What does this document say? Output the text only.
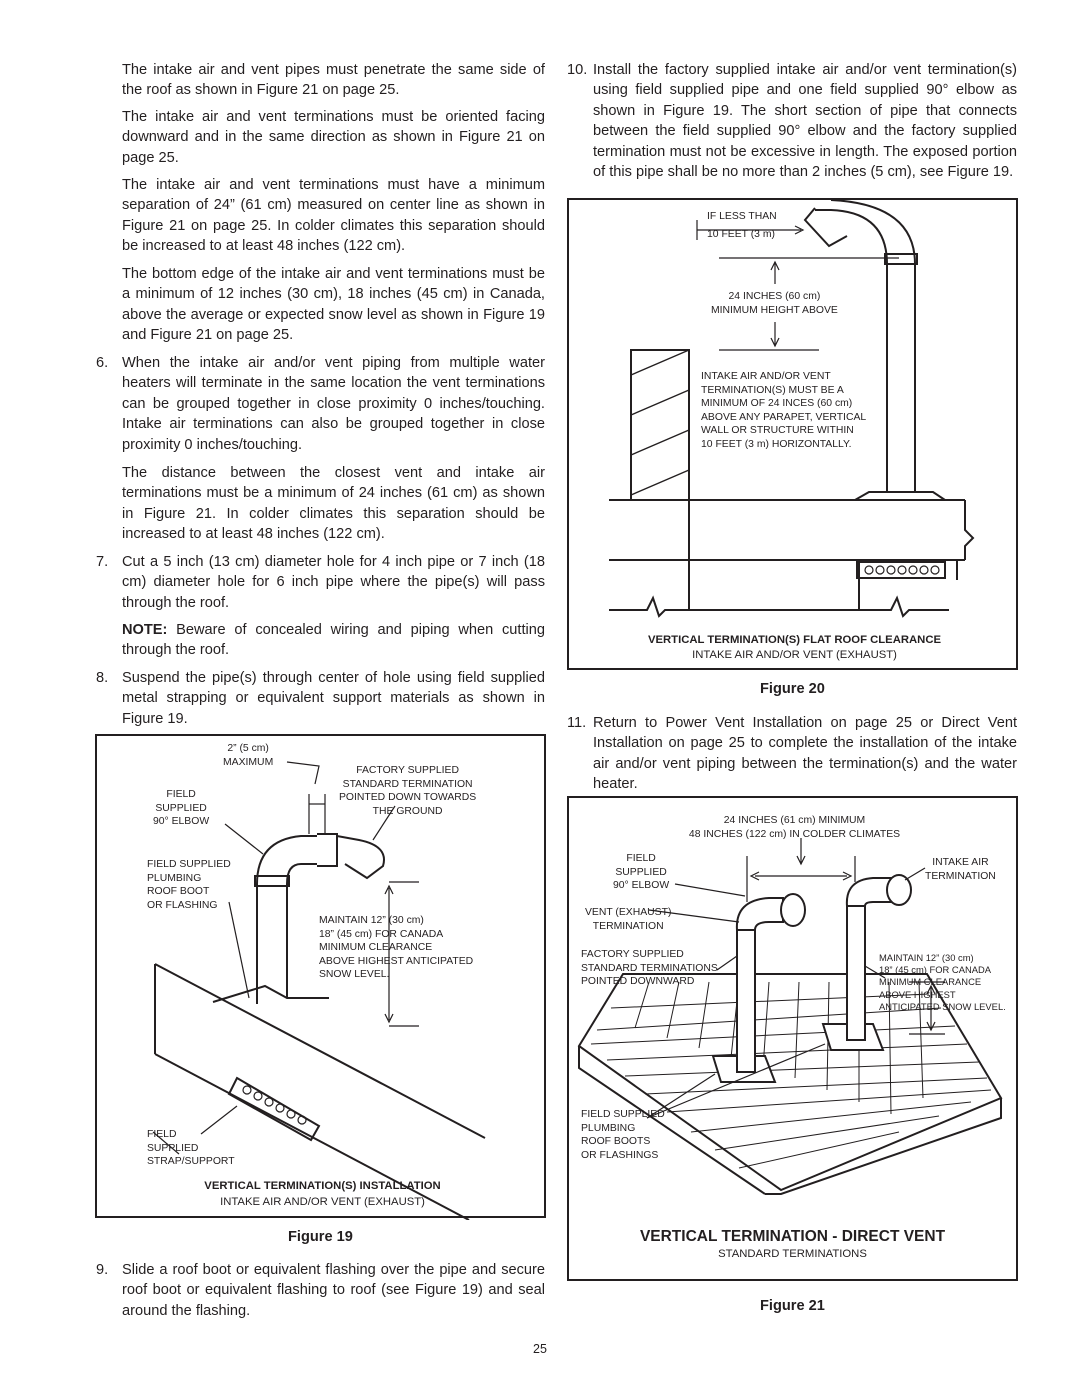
The intake air and vent pipes must penetrate the same side of the roof as shown in Figure 21 on page 25.

The intake air and vent terminations must be oriented facing downward and in the same direction as shown in Figure 21 on page 25.

The intake air and vent terminations must have a minimum separation of 24” (61 cm) measured on center line as shown in Figure 21 on page 25. In colder climates this separation should be increased to at least 48 inches (122 cm).

The bottom edge of the intake air and vent terminations must be a minimum of 12 inches (30 cm), 18 inches (45 cm) in Canada, above the average or expected snow level as shown in Figure 19 and Figure 21 on page 25.

6. When the intake air and/or vent piping from multiple water heaters will terminate in the same location the vent terminations can be grouped together in close proximity 0 inches/touching. Intake air terminations can also be grouped together in close proximity 0 inches/touching.

The distance between the closest vent and intake air terminations must be a minimum of 24 inches (61 cm) as shown in Figure 21. In colder climates this separation should be increased to at least 48 inches (122 cm).

7. Cut a 5 inch (13 cm) diameter hole for 4 inch pipe or 7 inch (18 cm) diameter hole for 6 inch pipe where the pipe(s) will pass through the roof.

NOTE: Beware of concealed wiring and piping when cutting through the roof.

8. Suspend the pipe(s) through center of hole using field supplied metal strapping or equivalent support materials as shown in Figure 19.

2” (5 cm)
MAXIMUM
FACTORY SUPPLIED
STANDARD TERMINATION
POINTED DOWN TOWARDS
THE GROUND
FIELD
SUPPLIED
90° ELBOW
FIELD SUPPLIED
PLUMBING
ROOF BOOT
OR FLASHING
MAINTAIN 12” (30 cm)
18” (45 cm) FOR CANADA
MINIMUM CLEARANCE
ABOVE HIGHEST ANTICIPATED
SNOW LEVEL.
FIELD
SUPPLIED
STRAP/SUPPORT
VERTICAL TERMINATION(S) INSTALLATION
INTAKE AIR AND/OR VENT (EXHAUST)
Figure 19
9. Slide a roof boot or equivalent flashing over the pipe and secure roof boot or equivalent flashing to roof (see Figure 19) and seal around the flashing.

10. Install the factory supplied intake air and/or vent termination(s) using field supplied pipe and one field supplied 90° elbow as shown in Figure 19. The short section of pipe that connects between the field supplied 90° elbow and the factory supplied termination must not be excessive in length. The exposed portion of this pipe shall be no more than 2 inches (5 cm), see Figure 19.

IF LESS THAN
10 FEET (3 m)
24 INCHES (60 cm)
MINIMUM HEIGHT ABOVE
INTAKE AIR AND/OR VENT
TERMINATION(S) MUST BE A
MINIMUM OF 24 INCES (60 cm)
ABOVE ANY PARAPET, VERTICAL
WALL OR STRUCTURE WITHIN
10 FEET (3 m) HORIZONTALLY.
VERTICAL TERMINATION(S) FLAT ROOF CLEARANCE
INTAKE AIR AND/OR VENT (EXHAUST)
Figure 20
11. Return to Power Vent Installation on page 25 or Direct Vent Installation on page 25 to complete the installation of the intake air and/or vent piping between the termination(s) and the water heater.

24 INCHES (61 cm) MINIMUM
48 INCHES (122 cm) IN COLDER CLIMATES
FIELD
SUPPLIED
90° ELBOW
INTAKE AIR
TERMINATION
VENT (EXHAUST)
TERMINATION
FACTORY SUPPLIED
STANDARD TERMINATIONS
POINTED DOWNWARD
MAINTAIN 12” (30 cm)
18” (45 cm) FOR CANADA
MINIMUM CLEARANCE
ABOVE HIGHEST
ANTICIPATED SNOW LEVEL.
FIELD SUPPLIED
PLUMBING
ROOF BOOTS
OR FLASHINGS
VERTICAL TERMINATION - DIRECT VENT
STANDARD TERMINATIONS
Figure 21
25
